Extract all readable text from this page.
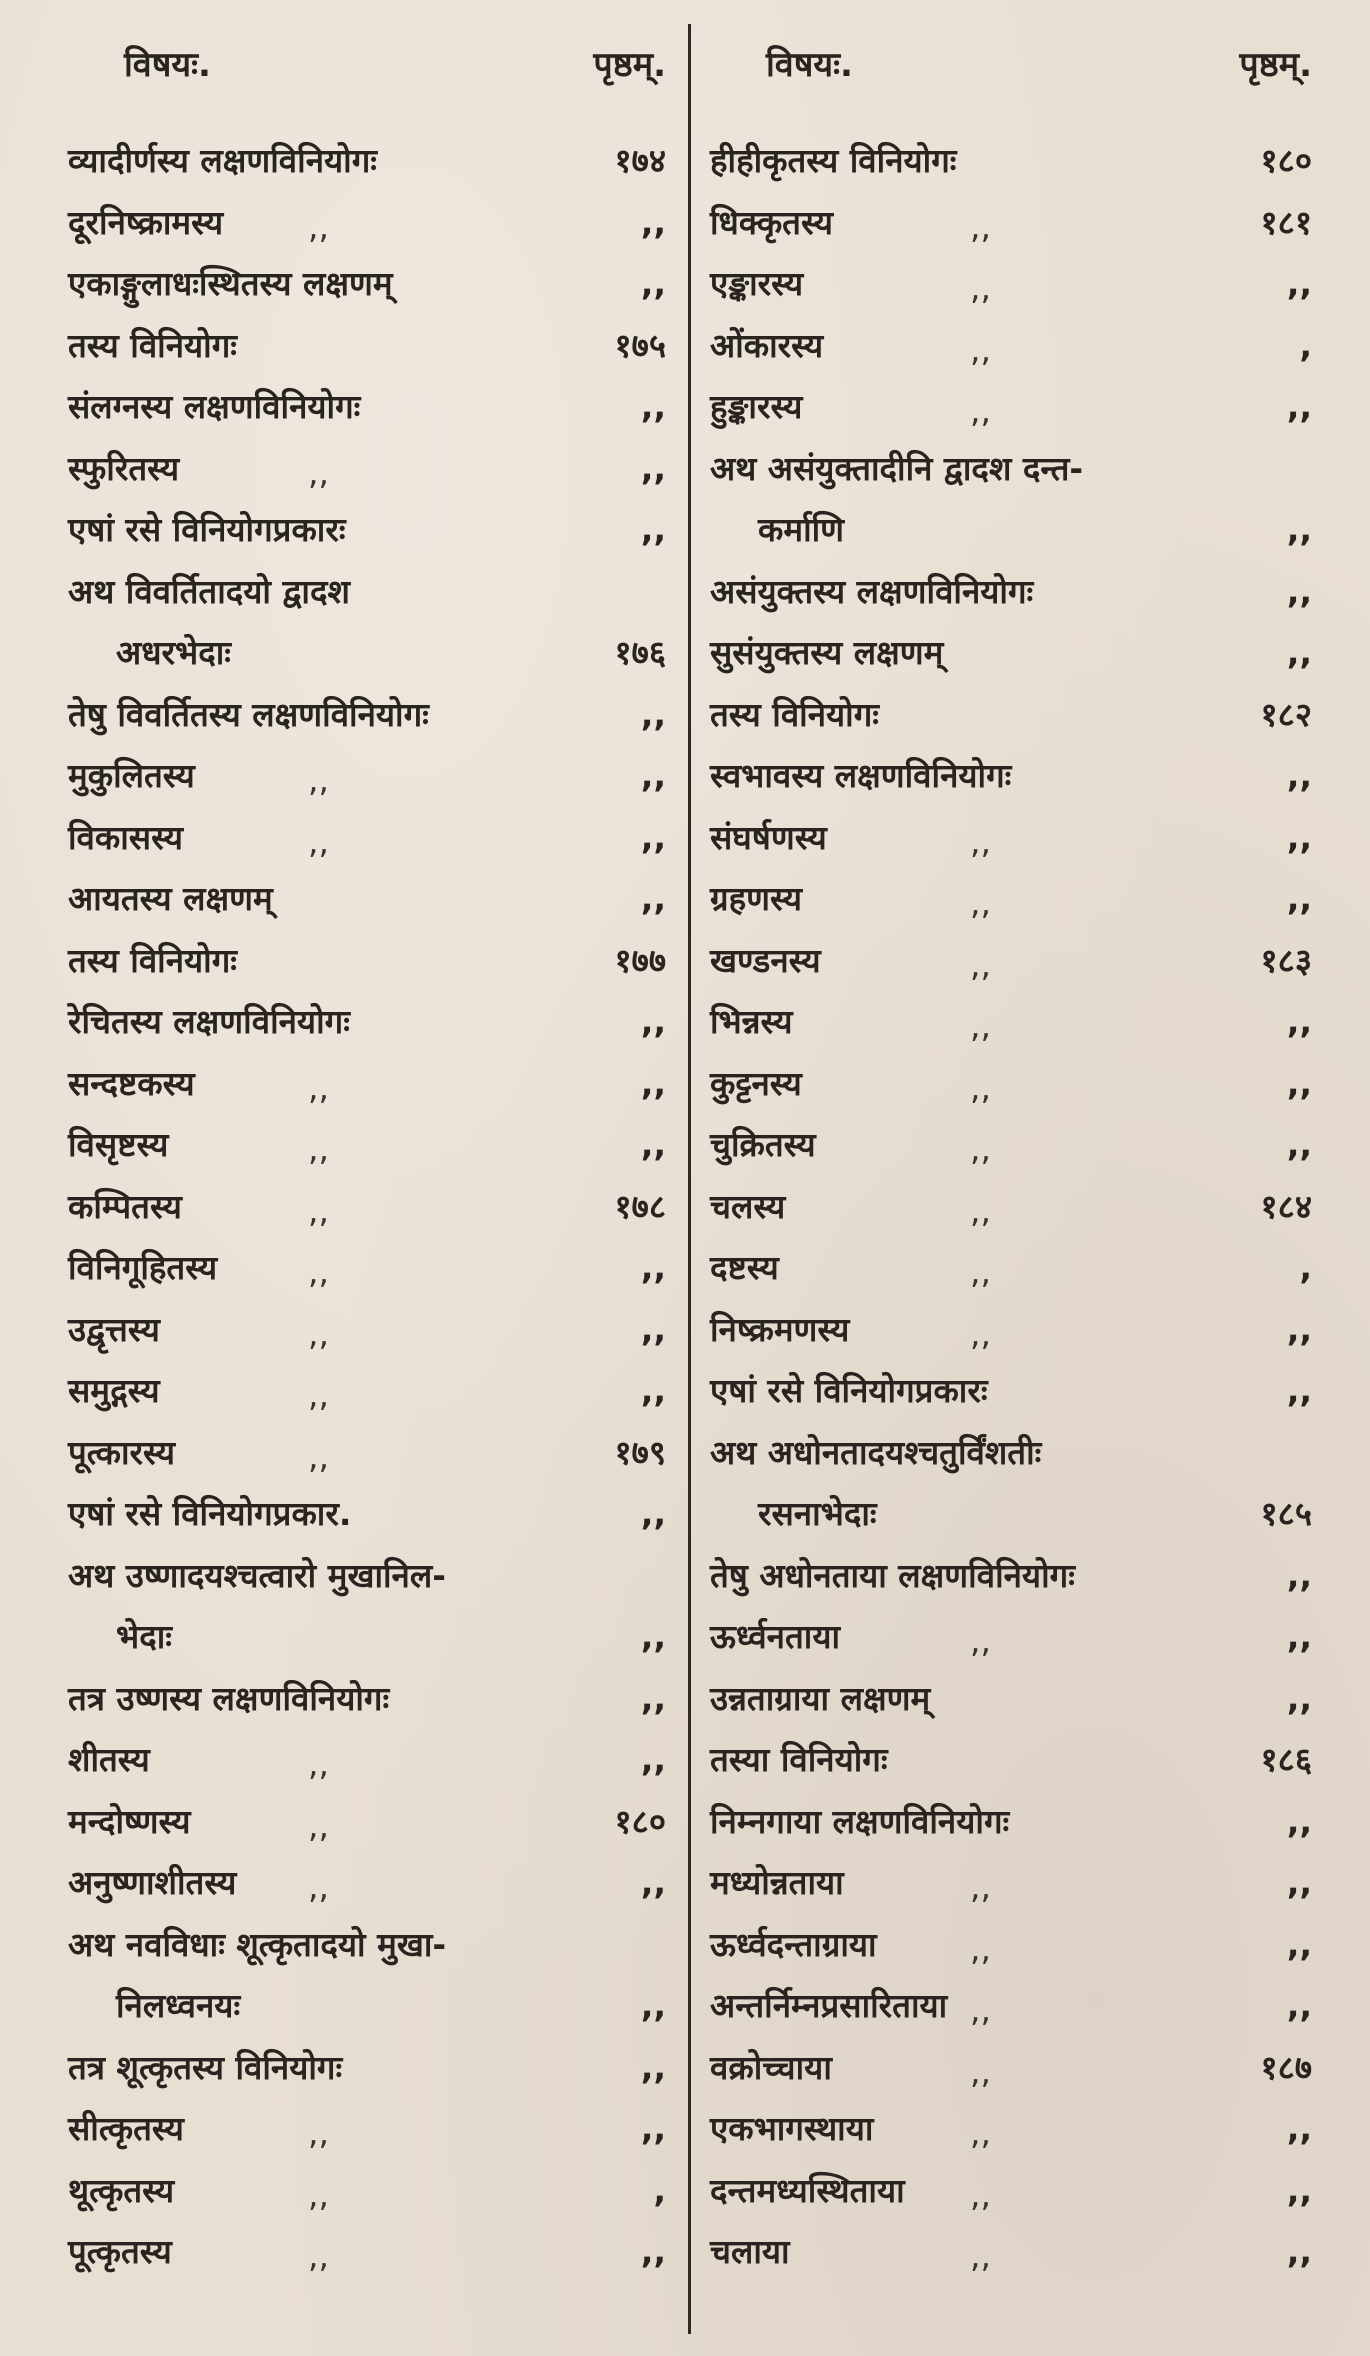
विषयः.	पृष्ठम्.
व्यादीर्णस्य लक्षणविनियोगः	१७४
दूरनिष्क्रामस्य	,,	,,
एकाङ्गुलाधःस्थितस्य लक्षणम्	,,
तस्य विनियोगः	१७५
संलग्नस्य लक्षणविनियोगः	,,
स्फुरितस्य	,,	,,
एषां रसे विनियोगप्रकारः	,,
अथ विवर्तितादयो द्वादश
अधरभेदाः	१७६
तेषु विवर्तितस्य लक्षणविनियोगः	,,
मुकुलितस्य	,,	,,
विकासस्य	,,	,,
आयतस्य लक्षणम्	,,
तस्य विनियोगः	१७७
रेचितस्य लक्षणविनियोगः	,,
सन्दष्टकस्य	,,	,,
विसृष्टस्य	,,	,,
कम्पितस्य	,,	१७८
विनिगूहितस्य	,,	,,
उद्वृत्तस्य	,,	,,
समुद्गस्य	,,	,,
पूत्कारस्य	,,	१७९
एषां रसे विनियोगप्रकार.	,,
अथ उष्णादयश्चत्वारो मुखानिल-
भेदाः	,,
तत्र उष्णस्य लक्षणविनियोगः	,,
शीतस्य	,,	,,
मन्दोष्णस्य	,,	१८०
अनुष्णाशीतस्य ,,	,,
अथ नवविधाः शूत्कृतादयो मुखा-
निलध्वनयः	,,
तत्र शूत्कृतस्य विनियोगः	,,
सीत्कृतस्य	,,	,,
थूत्कृतस्य	,,	,
पूत्कृतस्य	,,	,,
विषयः.	पृष्ठम्.
हीहीकृतस्य विनियोगः	१८०
धिक्कृतस्य	,,	१८१
एङ्कारस्य	,,	,,
ओंकारस्य	,,	,
हुङ्कारस्य	,,	,,
अथ असंयुक्तादीनि द्वादश दन्त-
कर्माणि	,,
असंयुक्तस्य लक्षणविनियोगः	,,
सुसंयुक्तस्य लक्षणम्	,,
तस्य विनियोगः	१८२
स्वभावस्य लक्षणविनियोगः	,,
संघर्षणस्य	,,	,,
ग्रहणस्य	,,	,,
खण्डनस्य	,,	१८३
भिन्नस्य	,,	,,
कुट्टनस्य	,,	,,
चुक्रितस्य	,,	,,
चलस्य	,,	१८४
दष्टस्य	,,	,
निष्क्रमणस्य	,,	,,
एषां रसे विनियोगप्रकारः	,,
अथ अधोनतादयश्चतुर्विंशतीः
रसनाभेदाः	१८५
तेषु अधोनताया लक्षणविनियोगः	,,
ऊर्ध्वनताया	,,	,,
उन्नताग्राया लक्षणम्	,,
तस्या विनियोगः	१८६
निम्नगाया लक्षणविनियोगः	,,
मध्योन्नताया	,,	,,
ऊर्ध्वदन्ताग्राया	,,	,,
अन्तर्निम्नप्रसारिताया ,,	,,
वक्रोच्चाया	,,	१८७
एकभागस्थाया	,,	,,
दन्तमध्यस्थिताया ,,	,,
चलाया	,,	,,
